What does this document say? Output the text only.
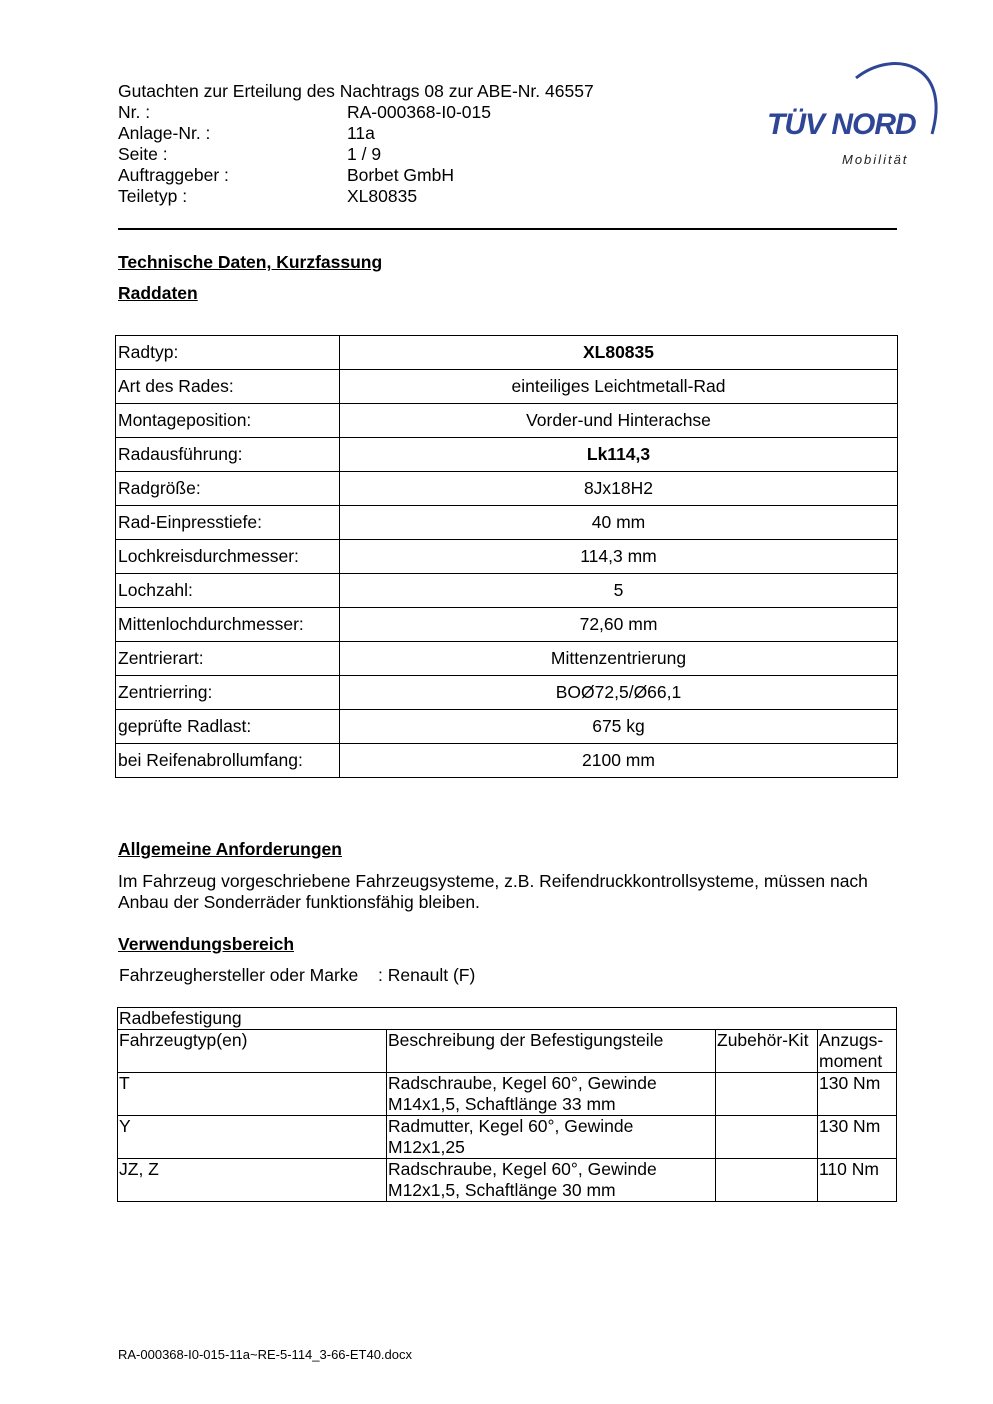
Gutachten zur Erteilung des Nachtrags 08 zur ABE-Nr. 46557
Nr. :	RA-000368-I0-015
Anlage-Nr. :	11a
Seite :	1 / 9
Auftraggeber :	Borbet GmbH
Teiletyp :	XL80835
TÜV NORD
Mobilität
Technische Daten, Kurzfassung
Raddaten
Radtyp:	XL80835
Art des Rades:	einteiliges Leichtmetall-Rad
Montageposition:	Vorder-und Hinterachse
Radausführung:	Lk114,3
Radgröße:	8Jx18H2
Rad-Einpresstiefe:	40 mm
Lochkreisdurchmesser:	114,3 mm
Lochzahl:	5
Mittenlochdurchmesser:	72,60 mm
Zentrierart:	Mittenzentrierung
Zentrierring:	BOØ72,5/Ø66,1
geprüfte Radlast:	675 kg
bei Reifenabrollumfang:	2100 mm
Allgemeine Anforderungen
Im Fahrzeug vorgeschriebene Fahrzeugsysteme, z.B. Reifendruckkontrollsysteme, müssen nach Anbau der Sonderräder funktionsfähig bleiben.
Verwendungsbereich
Fahrzeughersteller oder Marke : Renault (F)
Radbefestigung			
Fahrzeugtyp(en)	Beschreibung der Befestigungsteile	Zubehör-Kit	Anzugs-
moment
T	Radschraube, Kegel 60°, Gewinde M14x1,5, Schaftlänge 33 mm		130 Nm
Y	Radmutter, Kegel 60°, Gewinde M12x1,25		130 Nm
JZ, Z	Radschraube, Kegel 60°, Gewinde M12x1,5, Schaftlänge 30 mm		110 Nm
RA-000368-I0-015-11a~RE-5-114_3-66-ET40.docx
